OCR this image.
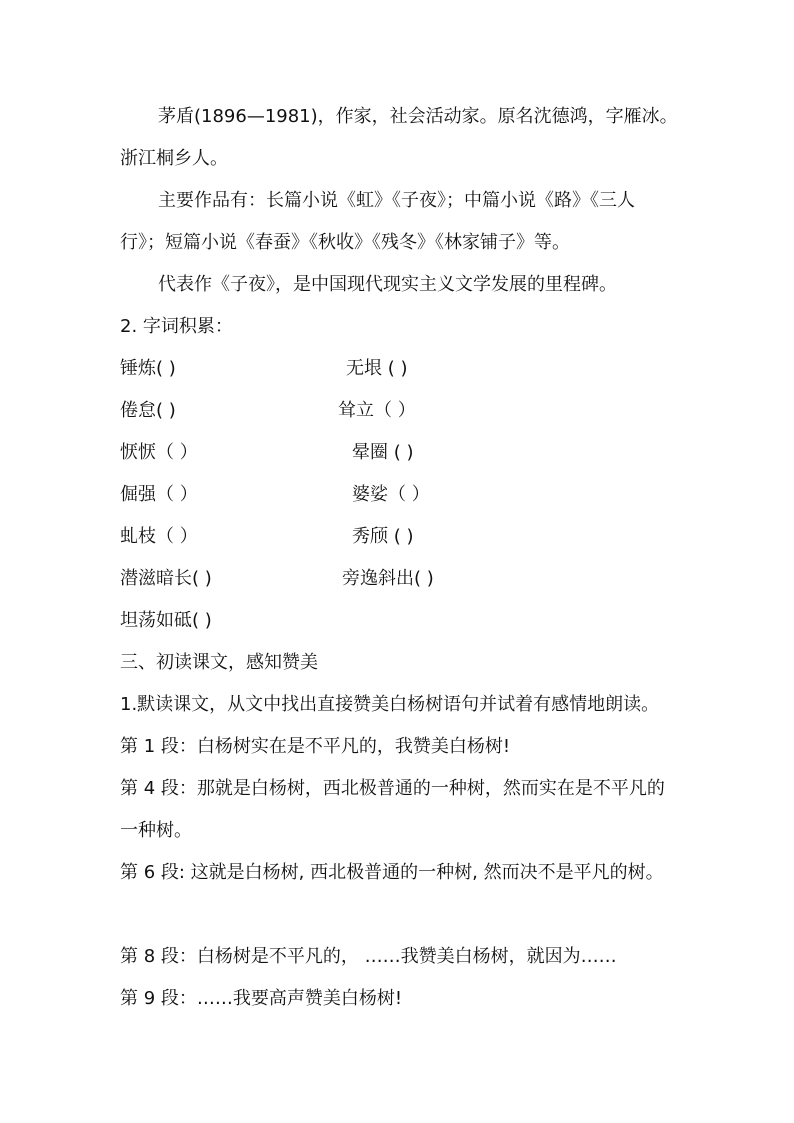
茅盾(1896—1981)，作家，社会活动家。原名沈德鸿，字雁冰。
浙江桐乡人。
主要作品有：长篇小说《虹》《子夜》；中篇小说《路》《三人
行》；短篇小说《春蚕》《秋收》《残冬》《林家铺子》等。
代表作《子夜》，是中国现代现实主义文学发展的里程碑。
2. 字词积累：
锤炼( )	无垠 ( )
倦怠( )	耸立（ ）
恹恹（ ）	晕圈 ( )
倔强（ ）	婆娑（ ）
虬枝（ ）	秀颀 ( )
潜滋暗长( )	旁逸斜出( )
坦荡如砥( )
三、初读课文，感知赞美
1.默读课文，从文中找出直接赞美白杨树语句并试着有感情地朗读。
第 1 段：白杨树实在是不平凡的，我赞美白杨树!
第 4 段：那就是白杨树，西北极普通的一种树，然而实在是不平凡的
一种树。
第 6 段: 这就是白杨树, 西北极普通的一种树, 然而决不是平凡的树。
第 8 段：白杨树是不平凡的， ……我赞美白杨树，就因为……
第 9 段：……我要高声赞美白杨树!
